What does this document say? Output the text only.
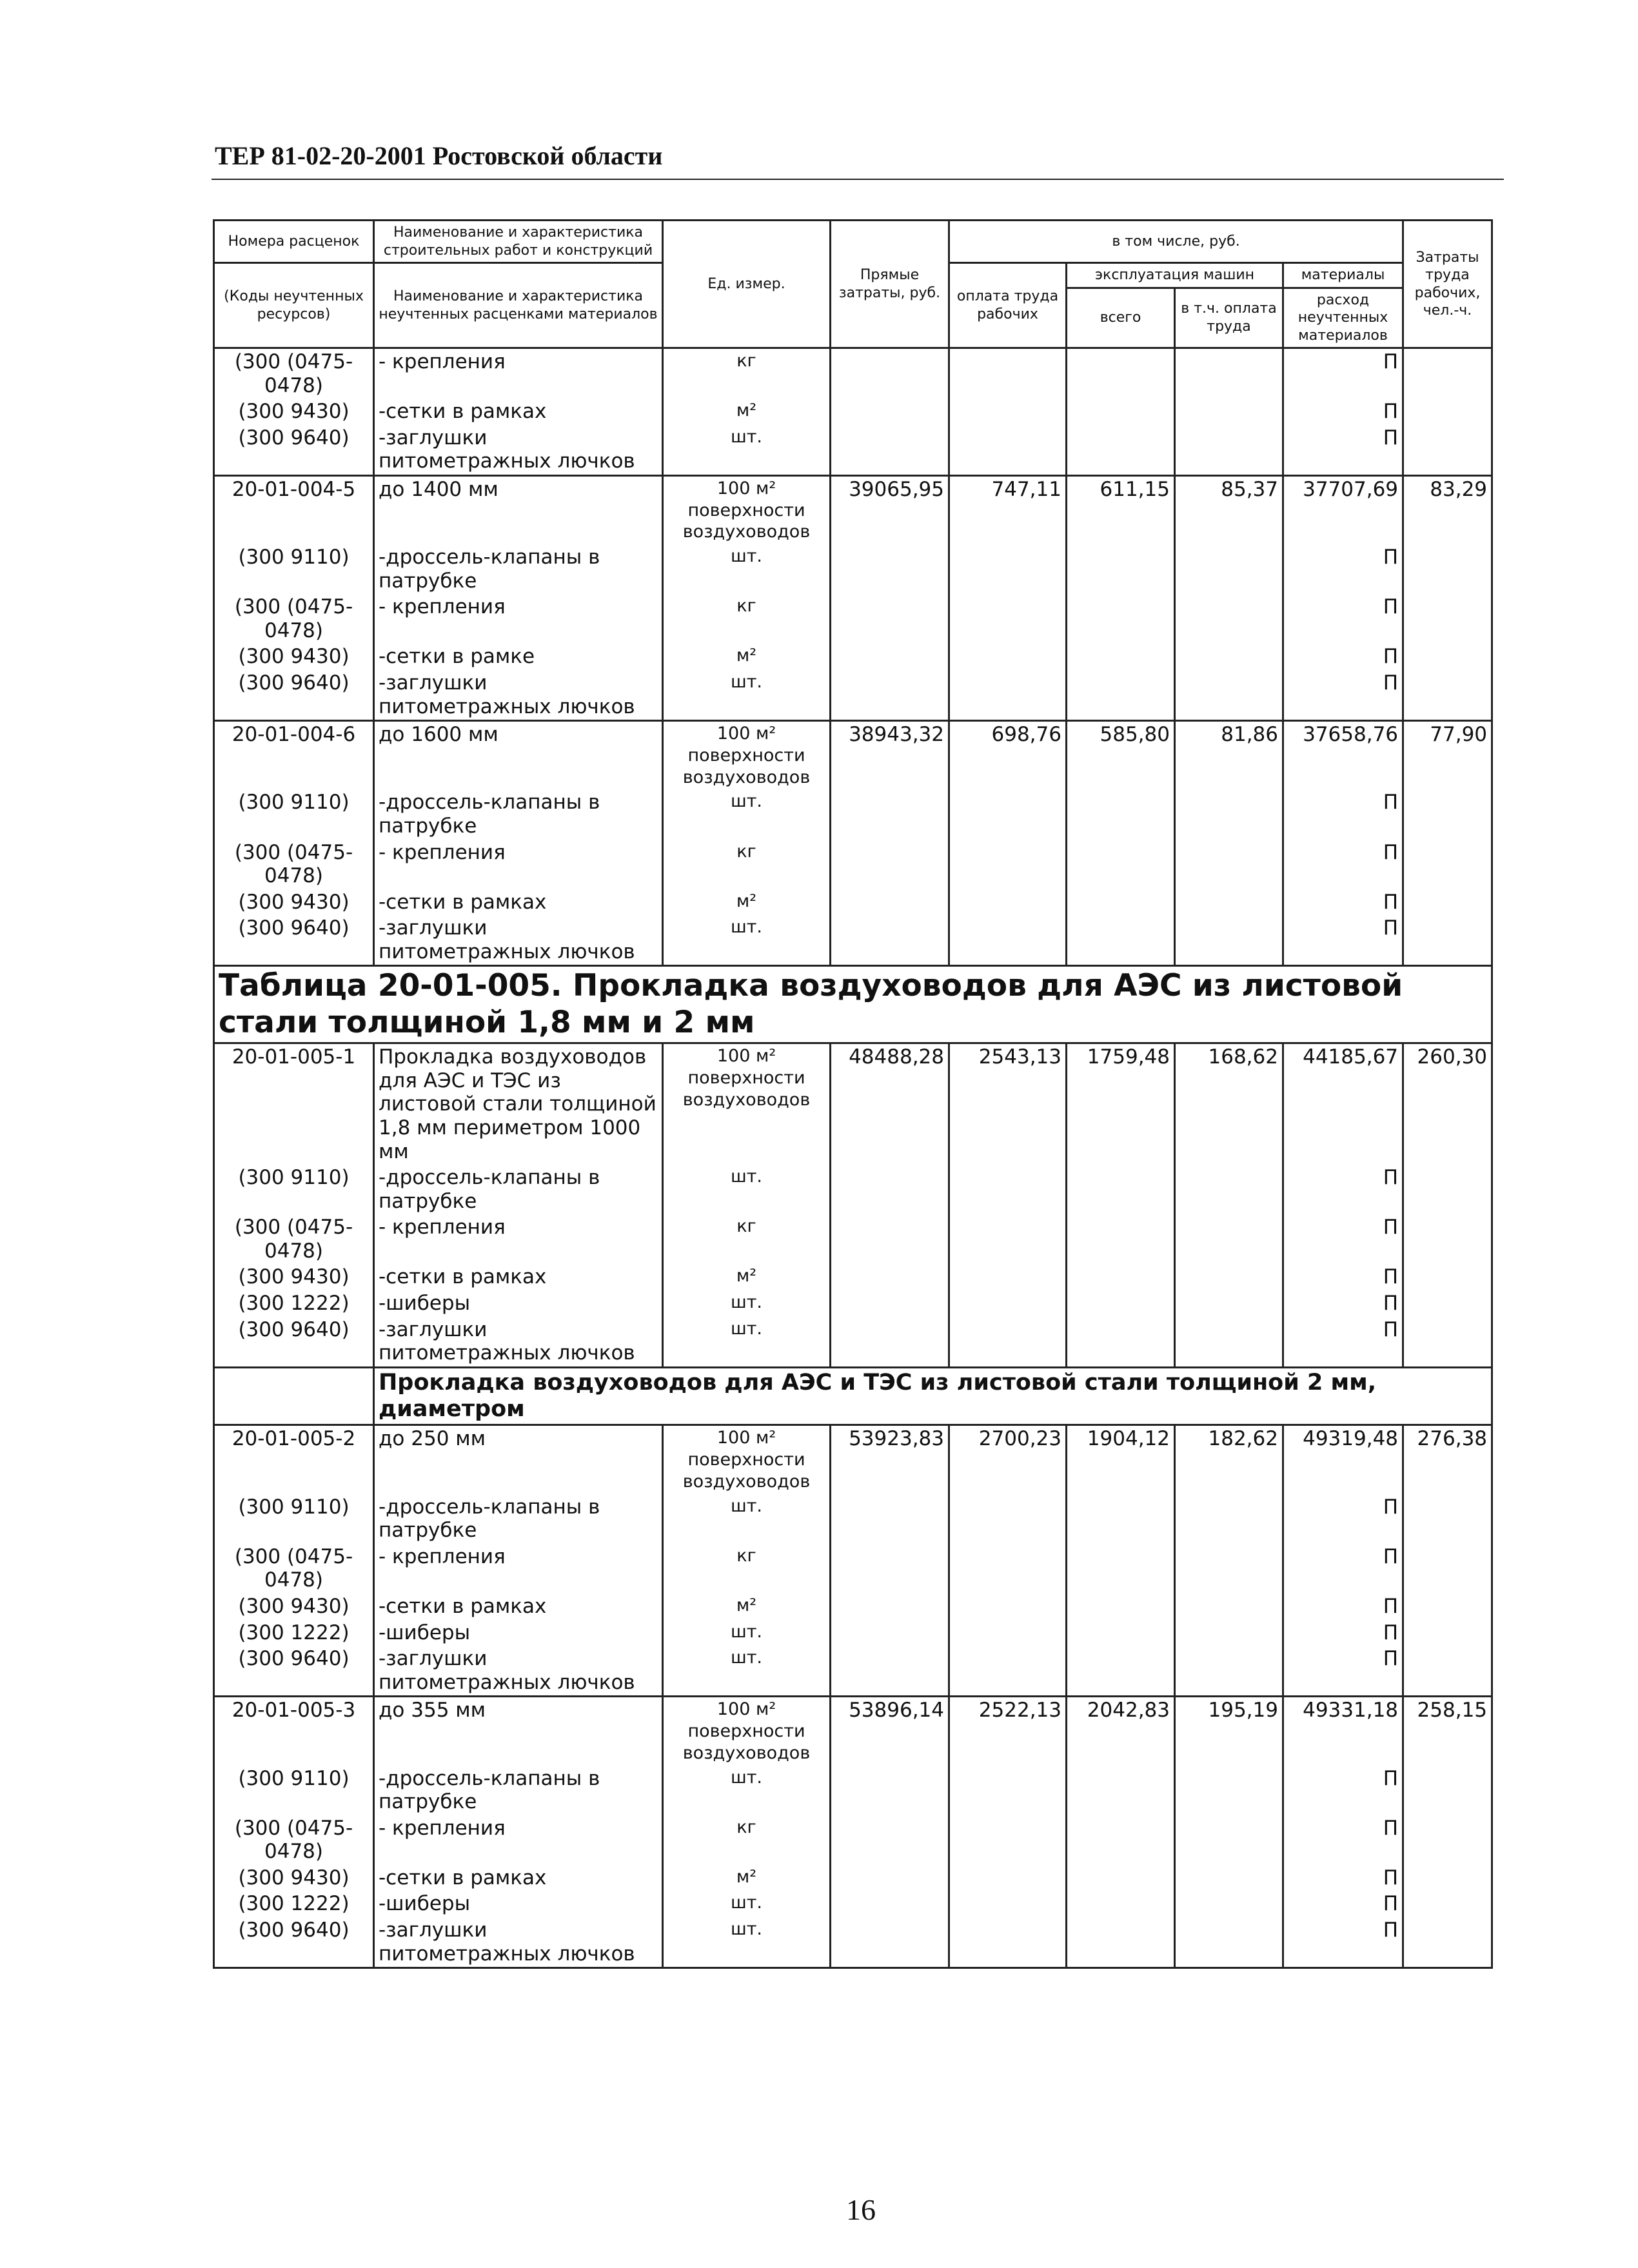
ТЕР 81-02-20-2001 Ростовской области
Номера расценок	Наименование и характеристика строительных работ и конструкций	Ед. измер.	Прямые затраты, руб.	в том числе, руб.				Затраты труда рабочих, чел.-ч.
(Коды неучтенных ресурсов)	Наименование и характеристика неучтенных расценками материалов			оплата труда рабочих	эксплуатация машин		материалы	
					всего	в т.ч. оплата труда	расход неучтенных материалов	
(300 (0475-0478)	- крепления	кг					П	
(300 9430)	-сетки в рамках	м²					П	
(300 9640)	-заглушки питометражных лючков	шт.					П	
20-01-004-5	до 1400 мм	100 м² поверхности воздуховодов	39065,95	747,11	611,15	85,37	37707,69	83,29
(300 9110)	-дроссель-клапаны в патрубке	шт.					П	
(300 (0475-0478)	- крепления	кг					П	
(300 9430)	-сетки в рамке	м²					П	
(300 9640)	-заглушки питометражных лючков	шт.					П	
20-01-004-6	до 1600 мм	100 м² поверхности воздуховодов	38943,32	698,76	585,80	81,86	37658,76	77,90
(300 9110)	-дроссель-клапаны в патрубке	шт.					П	
(300 (0475-0478)	- крепления	кг					П	
(300 9430)	-сетки в рамках	м²					П	
(300 9640)	-заглушки питометражных лючков	шт.					П	
Таблица 20-01-005. Прокладка воздуховодов для АЭС из листовой стали толщиной 1,8 мм и 2 мм								
20-01-005-1	Прокладка воздуховодов для АЭС и ТЭС из листовой стали толщиной 1,8 мм периметром 1000 мм	100 м² поверхности воздуховодов	48488,28	2543,13	1759,48	168,62	44185,67	260,30
(300 9110)	-дроссель-клапаны в патрубке	шт.					П	
(300 (0475-0478)	- крепления	кг					П	
(300 9430)	-сетки в рамках	м²					П	
(300 1222)	-шиберы	шт.					П	
(300 9640)	-заглушки питометражных лючков	шт.					П	
	Прокладка воздуховодов для АЭС и ТЭС из листовой стали толщиной 2 мм, диаметром							
20-01-005-2	до 250 мм	100 м² поверхности воздуховодов	53923,83	2700,23	1904,12	182,62	49319,48	276,38
(300 9110)	-дроссель-клапаны в патрубке	шт.					П	
(300 (0475-0478)	- крепления	кг					П	
(300 9430)	-сетки в рамках	м²					П	
(300 1222)	-шиберы	шт.					П	
(300 9640)	-заглушки питометражных лючков	шт.					П	
20-01-005-3	до 355 мм	100 м² поверхности воздуховодов	53896,14	2522,13	2042,83	195,19	49331,18	258,15
(300 9110)	-дроссель-клапаны в патрубке	шт.					П	
(300 (0475-0478)	- крепления	кг					П	
(300 9430)	-сетки в рамках	м²					П	
(300 1222)	-шиберы	шт.					П	
(300 9640)	-заглушки питометражных лючков	шт.					П	
16
